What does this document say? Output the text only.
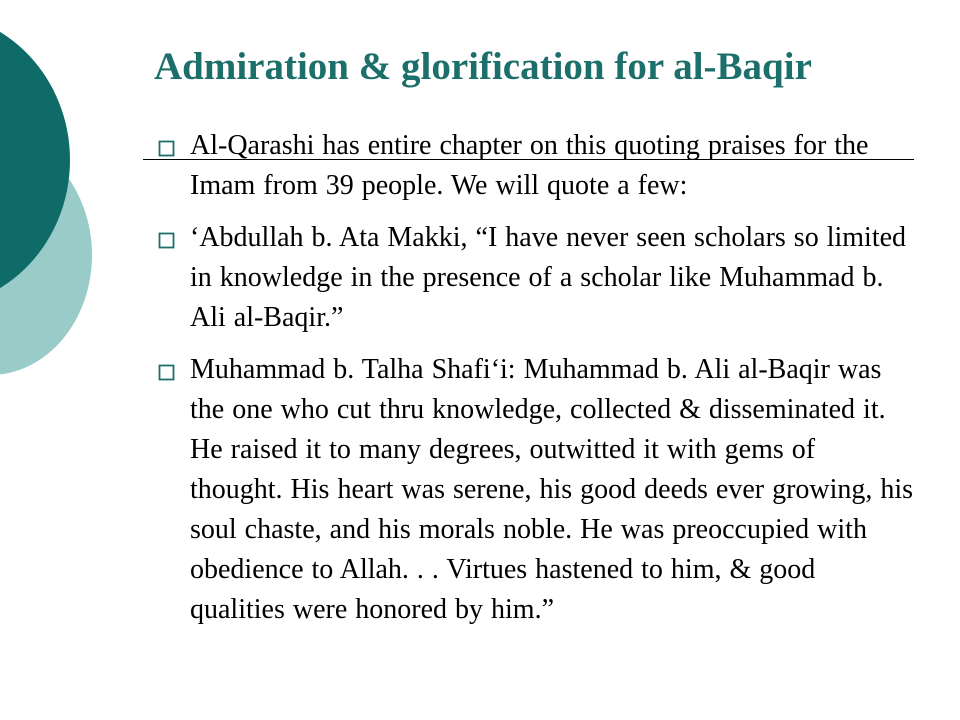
Admiration & glorification for al-Baqir
Al-Qarashi has entire chapter on this quoting praises for the Imam from 39 people. We will quote a few:
‘Abdullah b. Ata Makki, “I have never seen scholars so limited in knowledge in the presence of a scholar like Muhammad b. Ali al-Baqir.”
Muhammad b. Talha Shafi‘i: Muhammad b. Ali al-Baqir was the one who cut thru knowledge, collected & disseminated it. He raised it to many degrees, outwitted it with gems of thought. His heart was serene, his good deeds ever growing, his soul chaste, and his morals noble. He was preoccupied with obedience to Allah. . . Virtues hastened to him, & good qualities were honored by him.”
